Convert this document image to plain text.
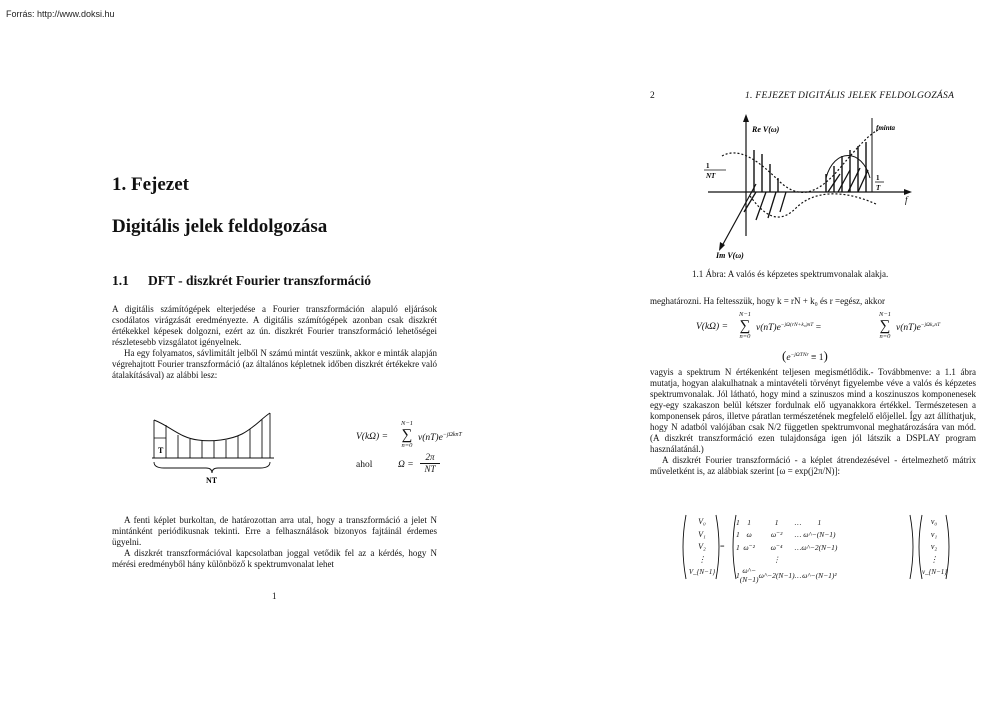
Forrás: http://www.doksi.hu
1. Fejezet
Digitális jelek feldolgozása
1.1 DFT - diszkrét Fourier transzformáció

A digitális számítógépek elterjedése a Fourier transzformáción alapuló eljárások csodálatos virágzását eredményezte. A digitális számítógépek azonban csak diszkrét értékekkel képesek dolgozni, ezért az ún. diszkrét Fourier transzformáció lehetőségei részletesebb vizsgálatot igényelnek.

Ha egy folyamatos, sávlimitált jelből N számú mintát veszünk, akkor e minták alapján végrehajtott Fourier transzformáció (az általános képletnek időben diszkrét értékekre való átalakításával) az alábbi lesz:

T
NT
V(kΩ) =
N−1
∑
n=0
$v(nT)e^{-j\Omega knT}$
ahol	$\Omega = \frac{2\pi}{NT}$

A fenti képlet burkoltan, de határozottan arra utal, hogy a transzformáció a jelet N mintánként periódikusnak tekinti. Erre a felhasználások bizonyos fajtáinál érdemes ügyelni.

A diszkrét transzformációval kapcsolatban joggal vetődik fel az a kérdés, hogy N mérési eredményből hány különböző k spektrumvonalat lehet

1
2	1. FEJEZET DIGITÁLIS JELEK FELDOLGOZÁSA
Re V(ω)	fminta
f
Im V(ω)
1
NT	1
T
1.1 Ábra: A valós és képzetes spektrumvonalak alakja.
meghatározni. Ha feltesszük, hogy k = rN + k₀ és r =egész, akkor
V(kΩ) =
N−1
∑
n=0
$v(nT)e^{-j\Omega(rN+k_0)nT}$ =
N−1
∑
n=0
$v(nT)e^{-j\Omega k_0nT}$
$(e^{-j\Omega TNr} \equiv 1)$

vagyis a spektrum N értékenként teljesen megismétlődik.- Továbbmenve: a 1.1 ábra mutatja, hogyan alakulhatnak a mintavételi törvényt figyelembe véve a valós és képzetes spektrumvonalak. Jól látható, hogy mind a szinuszos mind a koszinuszos komponenesek egy-egy szakaszon belül kétszer fordulnak elő ugyanakkora értékkel. Természetesen a komponensek páros, illetve páratlan természetének megfelelő előjellel. Így azt állíthatjuk, hogy N adatból valójában csak N/2 független spektrumvonal meghatározására van mód. (A diszkrét transzformáció ezen tulajdonsága igen jól látszik a DSPLAY program használatánál.)

A diszkrét Fourier transzformáció - a képlet átrendezésével - értelmezhető mátrix műveletként is, az alábbiak szerint [ω = exp(j2π/N)]:

V₀
V₁
V₂
⋮
V_{N−1}
=
1	1	1	…	1
1	ω	ω⁻²	…	ω^−(N−1)
1	ω⁻²	ω⁻⁴	…	ω^−2(N−1)
		⋮		
1	ω^−(N−1)	ω^−2(N−1)	…	ω^−(N−1)²
v₀
v₁
v₂
⋮
v_{N−1}
